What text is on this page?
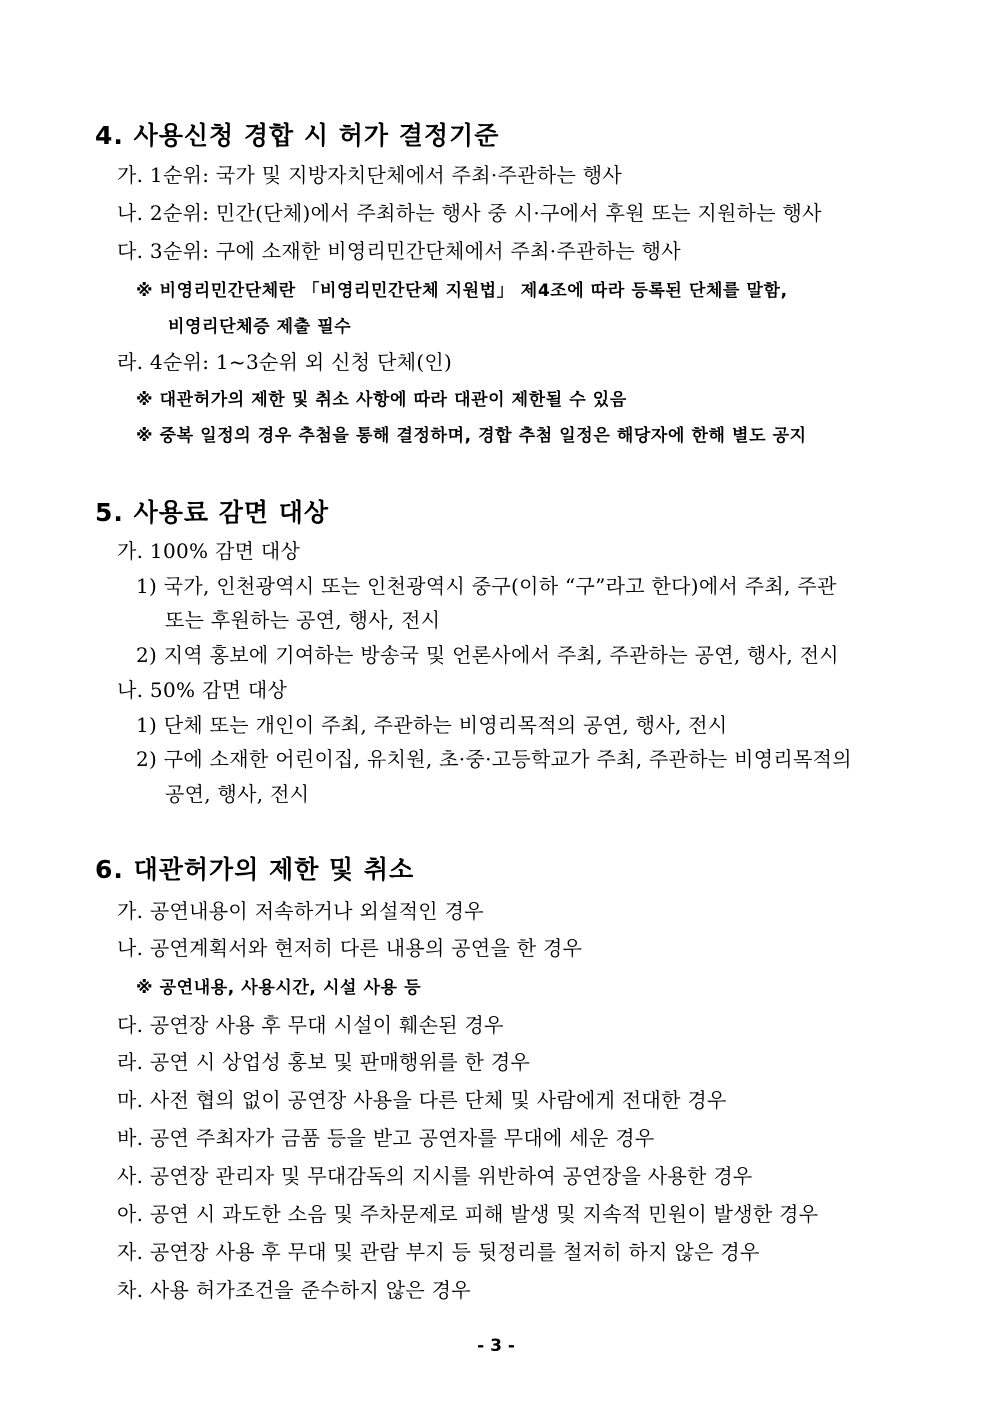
4. 사용신청 경합 시 허가 결정기준
가. 1순위: 국가 및 지방자치단체에서 주최·주관하는 행사
나. 2순위: 민간(단체)에서 주최하는 행사 중 시·구에서 후원 또는 지원하는 행사
다. 3순위: 구에 소재한 비영리민간단체에서 주최·주관하는 행사
※ 비영리민간단체란 「비영리민간단체 지원법」 제4조에 따라 등록된 단체를 말함,
비영리단체증 제출 필수
라. 4순위: 1~3순위 외 신청 단체(인)
※ 대관허가의 제한 및 취소 사항에 따라 대관이 제한될 수 있음
※ 중복 일정의 경우 추첨을 통해 결정하며, 경합 추첨 일정은 해당자에 한해 별도 공지
5. 사용료 감면 대상
가. 100% 감면 대상
1) 국가, 인천광역시 또는 인천광역시 중구(이하 “구”라고 한다)에서 주최, 주관
또는 후원하는 공연, 행사, 전시
2) 지역 홍보에 기여하는 방송국 및 언론사에서 주최, 주관하는 공연, 행사, 전시
나. 50% 감면 대상
1) 단체 또는 개인이 주최, 주관하는 비영리목적의 공연, 행사, 전시
2) 구에 소재한 어린이집, 유치원, 초·중·고등학교가 주최, 주관하는 비영리목적의
공연, 행사, 전시
6. 대관허가의 제한 및 취소
가. 공연내용이 저속하거나 외설적인 경우
나. 공연계획서와 현저히 다른 내용의 공연을 한 경우
※ 공연내용, 사용시간, 시설 사용 등
다. 공연장 사용 후 무대 시설이 훼손된 경우
라. 공연 시 상업성 홍보 및 판매행위를 한 경우
마. 사전 협의 없이 공연장 사용을 다른 단체 및 사람에게 전대한 경우
바. 공연 주최자가 금품 등을 받고 공연자를 무대에 세운 경우
사. 공연장 관리자 및 무대감독의 지시를 위반하여 공연장을 사용한 경우
아. 공연 시 과도한 소음 및 주차문제로 피해 발생 및 지속적 민원이 발생한 경우
자. 공연장 사용 후 무대 및 관람 부지 등 뒷정리를 철저히 하지 않은 경우
차. 사용 허가조건을 준수하지 않은 경우
- 3 -
